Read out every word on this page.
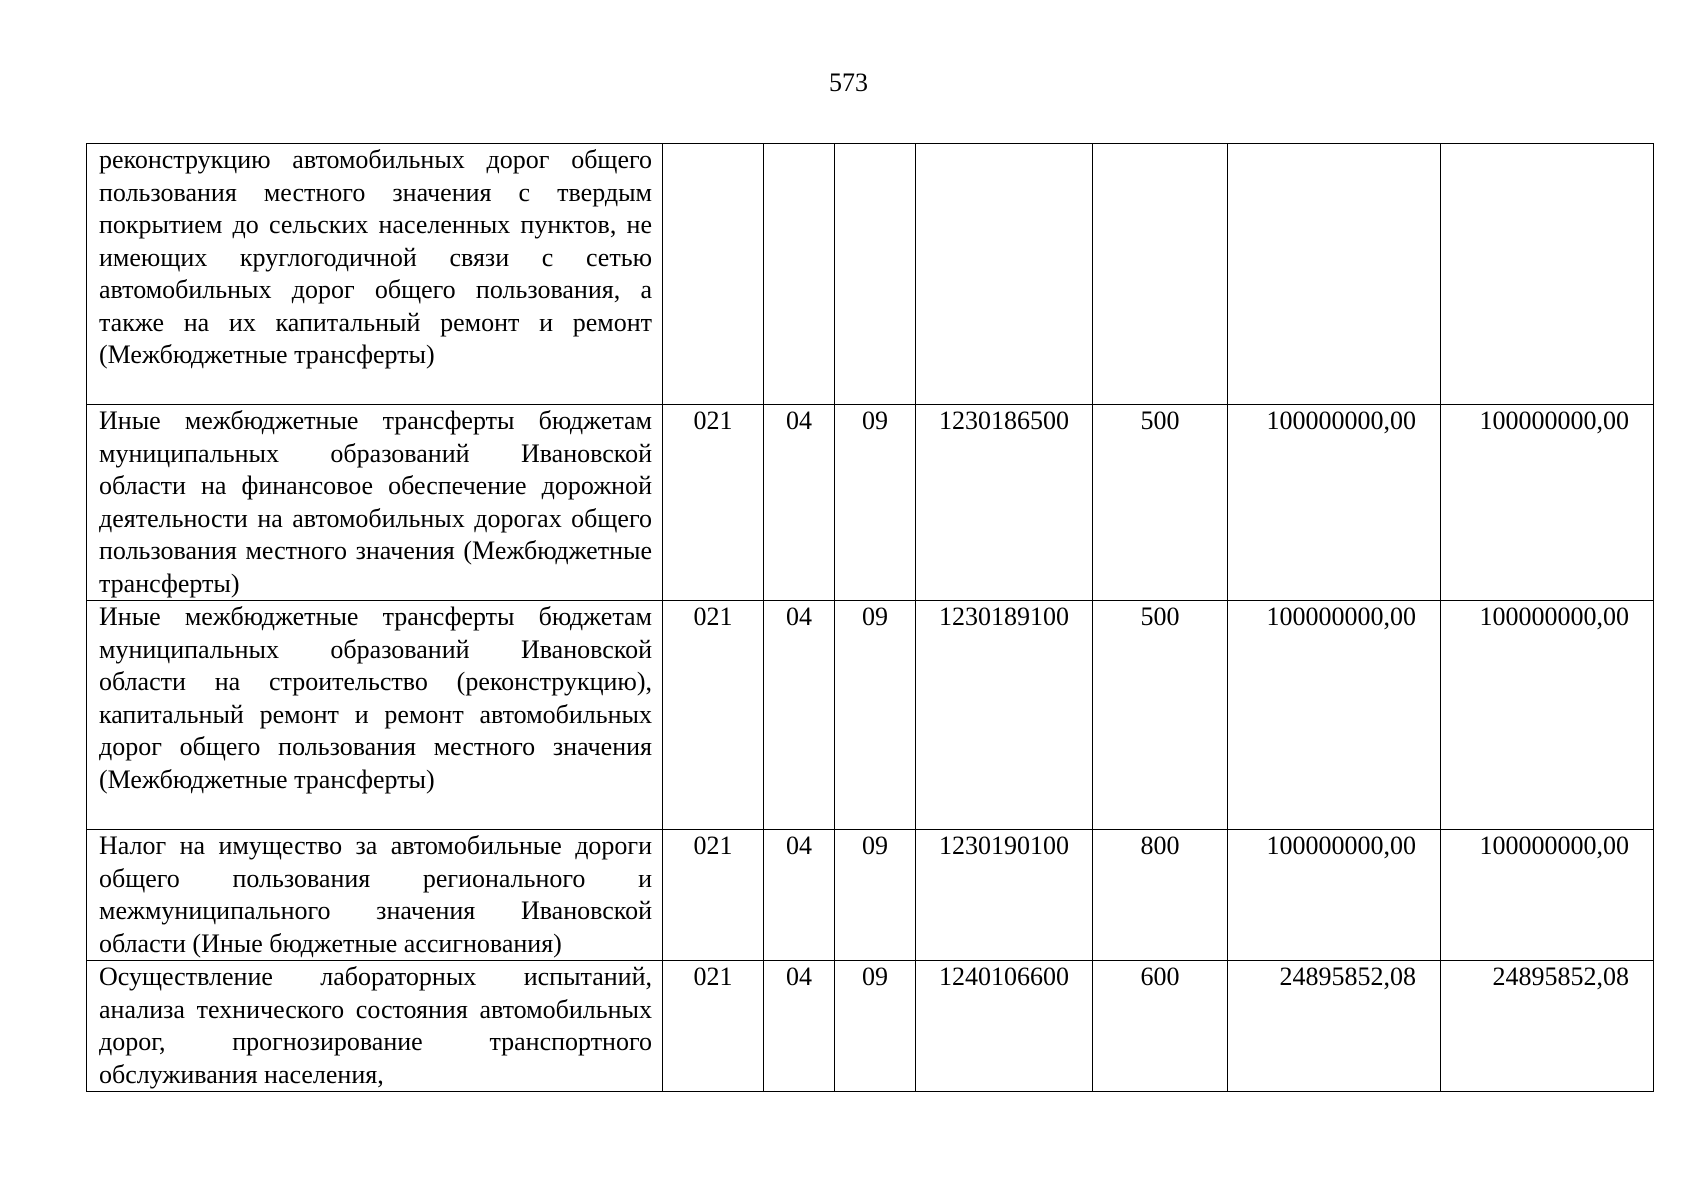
573
реконструкцию автомобильных дорог общего пользования местного значения с твердым покрытием до сельских населенных пунктов, не имеющих круглогодичной связи с сетью автомобильных дорог общего пользования, а также на их капитальный ремонт и ремонт (Межбюджетные трансферты)							
Иные межбюджетные трансферты бюджетам муниципальных образований Ивановской области на финансовое обеспечение дорожной деятельности на автомобильных дорогах общего пользования местного значения (Межбюджетные трансферты)	021	04	09	1230186500	500	100000000,00	100000000,00
Иные межбюджетные трансферты бюджетам муниципальных образований Ивановской области на строительство (реконструкцию), капитальный ремонт и ремонт автомобильных дорог общего пользования местного значения (Межбюджетные трансферты)	021	04	09	1230189100	500	100000000,00	100000000,00
Налог на имущество за автомобильные дороги общего пользования регионального и межмуниципального значения Ивановской области (Иные бюджетные ассигнования)	021	04	09	1230190100	800	100000000,00	100000000,00
Осуществление лабораторных испытаний, анализа технического состояния автомобильных дорог, прогнозирование транспортного обслуживания населения,	021	04	09	1240106600	600	24895852,08	24895852,08
